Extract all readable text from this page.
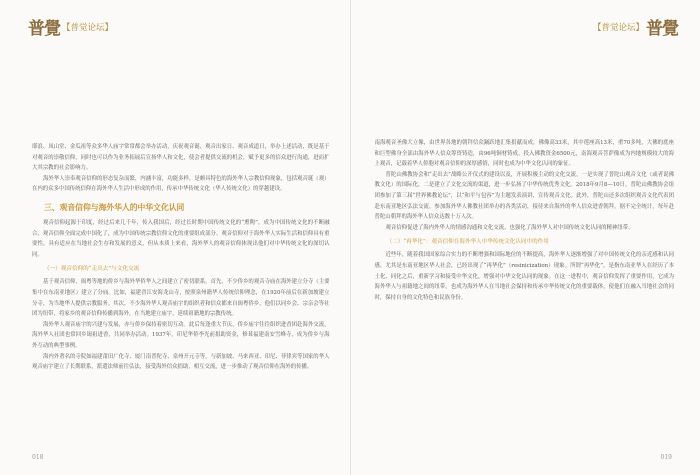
普覺 【普觉论坛】

耶浪、凤山堂、金瓜祖等众多华人庙宇常常都会举办活动，庆祝观音诞、观音出家日、观音成道日，举办上述活动，既是基于对观音的崇敬信仰，同时也可以作为业务拓展后宣扬华人和文化，使会者提供交流的机会，赋予更多的信众进行沟通，进而扩大其宗教的社会影响力。

海外华人崇奉观音信仰的形态复杂而繁，内涵丰富，功能多样，是颇具特色的海外华人宗教信仰现象，包括观音诞（观）在内的众多中国传统信仰在海外华人生活中形成的作用，传承中华传统文化（华人传统文化）的穿越建设。

三、观音信仰与海外华人的中华文化认同

观音信仰起源于印度，经过后来几千年，传入我国后，经过长时期中国传统文化的“熏陶”，成为中国传统文化的不断融合，观音信仰全面完成中国化了，成为中国传统宗教信仰文化的重要组成部分。观音信仰对于海外华人实际生活和信仰具有重要性，具有适应在当地社会生存和发展的意义，但从本质上来看，海外华人的观音信仰体现出他们对中华传统文化的深切认同。

（一）观音信仰的“走出去”与文化交流

基于观音信仰，闽粤等地的侨乡与海外华侨华人之间建立了密切联系。首先，不少侨乡的观音寺庙在海外建立分寺（主要集中在东南亚地区）建立了分庙。比如，福建晋江安海龙山寺，按照泉州籍华人传统信仰理念，在1920年前后在新加坡建立分寺，为当地华人提供宗教服务。其次，不少海外华人观音庙宇的组织者和信众都来自闽粤侨乡，他们以同乡会、宗亲会等社团为纽带，将家乡的观音信仰传播到海外，在当地建立庙宇，延续祖籍地的宗教传统。

海外华人观音庙宇的兴建与发展，亦与侨乡保持着密切互动。此后每逢重大节庆，侨乡庙宇往往组织进香团赴海外交流，海外华人社团也常回乡谒祖进香，共同举办活动。1937年，印尼华侨李光前捐助资金，修葺福建南安雪峰寺，成为侨乡与海外互动的典型事例。

海内外著名的寺院如福建莆田广化寺、厦门南普陀寺、泉州开元寺等，与新加坡、马来西亚、印尼、菲律宾等国家的华人观音庙宇建立了长期联系，派遣法师前往弘法，接受海外信众捐助，相互交流，进一步推动了观音信仰在海外的传播。

018
【普觉论坛】 普覺

南海观音圣像大立像，由世界各地的朝拜信众踊跃地汇集捐献而成，佛像高33米，其中莲座高13米，重70多吨，大佛的底座和巨型佛身全部由海外华人信众筹资铸造，由96吨铜材铸成，投入佛教资金6500元，南海观音菩萨像成为内地规模较大的海上观音，记载着华人侨胞对观音信仰的深厚感情，同时也成为中华文化认同的象征。

普陀山佛教协会和“走出去”战略公开仪式的建设以及，开展积极主动的文化交流，一是实现了普陀山观音文化（或者说佛教文化）的国际化，二是建立了文化交流的渠道，进一步弘扬了中华传统优秀文化。2018年9月8—10日，普陀山佛教协会组团参加了第三届“世界佛教论坛”，以“和平与包容”为主题发表演讲，宣传观音文化。此外，普陀山还多次组织观音文化代表团赴东南亚地区弘法交流，参加海外华人佛教社团举办的各类活动，接待来自海外的华人信众进香朝拜，据不完全统计，每年赴普陀山朝拜的海外华人信众达数十万人次。

观音信仰促进了海内外华人的情感沟通和文化交流，也强化了海外华人对中国传统文化认同的精神纽带。

（二）“再华化”：观音信仰在海外华人中华传统文化认同中的作用

近些年，随着我国国家综合实力的不断增强和国际地位的不断提高，海外华人逐渐增强了对中国传统文化的亲近感和认同感，尤其是东南亚地区华人社会，已经出现了“再华化”（resinicization）现象。所谓“再华化”，是指东南亚华人在经历了本土化、同化之后，重新学习和接受中华文化，增强对中华文化认同的现象。在这一进程中，观音信仰发挥了重要作用，它成为海外华人与祖籍地之间的纽带，也成为海外华人在当地社会保持和传承中华传统文化的重要载体，使他们在融入当地社会的同时，保持自身的文化特色和民族身份。

019
